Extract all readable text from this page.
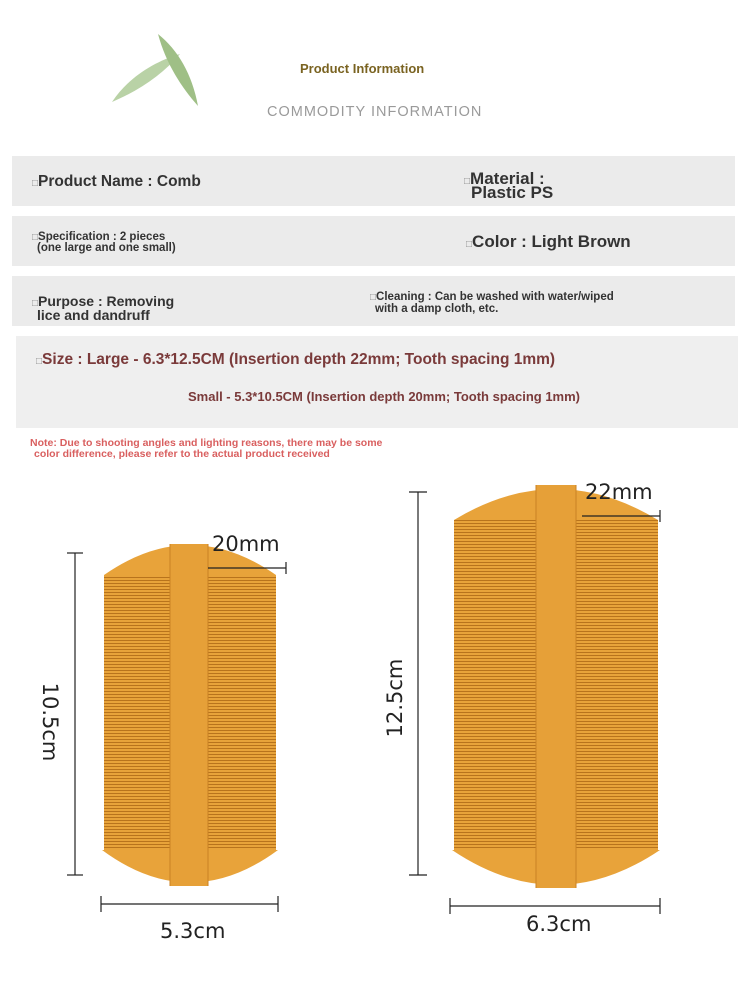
Product Information
COMMODITY INFORMATION
□Product Name : Comb	□Material :
Plastic PS
□Specification : 2 pieces
(one large and one small)	□Color : Light Brown
□Purpose : Removing
lice and dandruff
□Cleaning : Can be washed with water/wiped
with a damp cloth, etc.
□Size : Large - 6.3*12.5CM (Insertion depth 22mm; Tooth spacing 1mm)
Small - 5.3*10.5CM (Insertion depth 20mm; Tooth spacing 1mm)
Note: Due to shooting angles and lighting reasons, there may be some
color difference, please refer to the actual product received
20mm
10.5cm
5.3cm
22mm
12.5cm
6.3cm
